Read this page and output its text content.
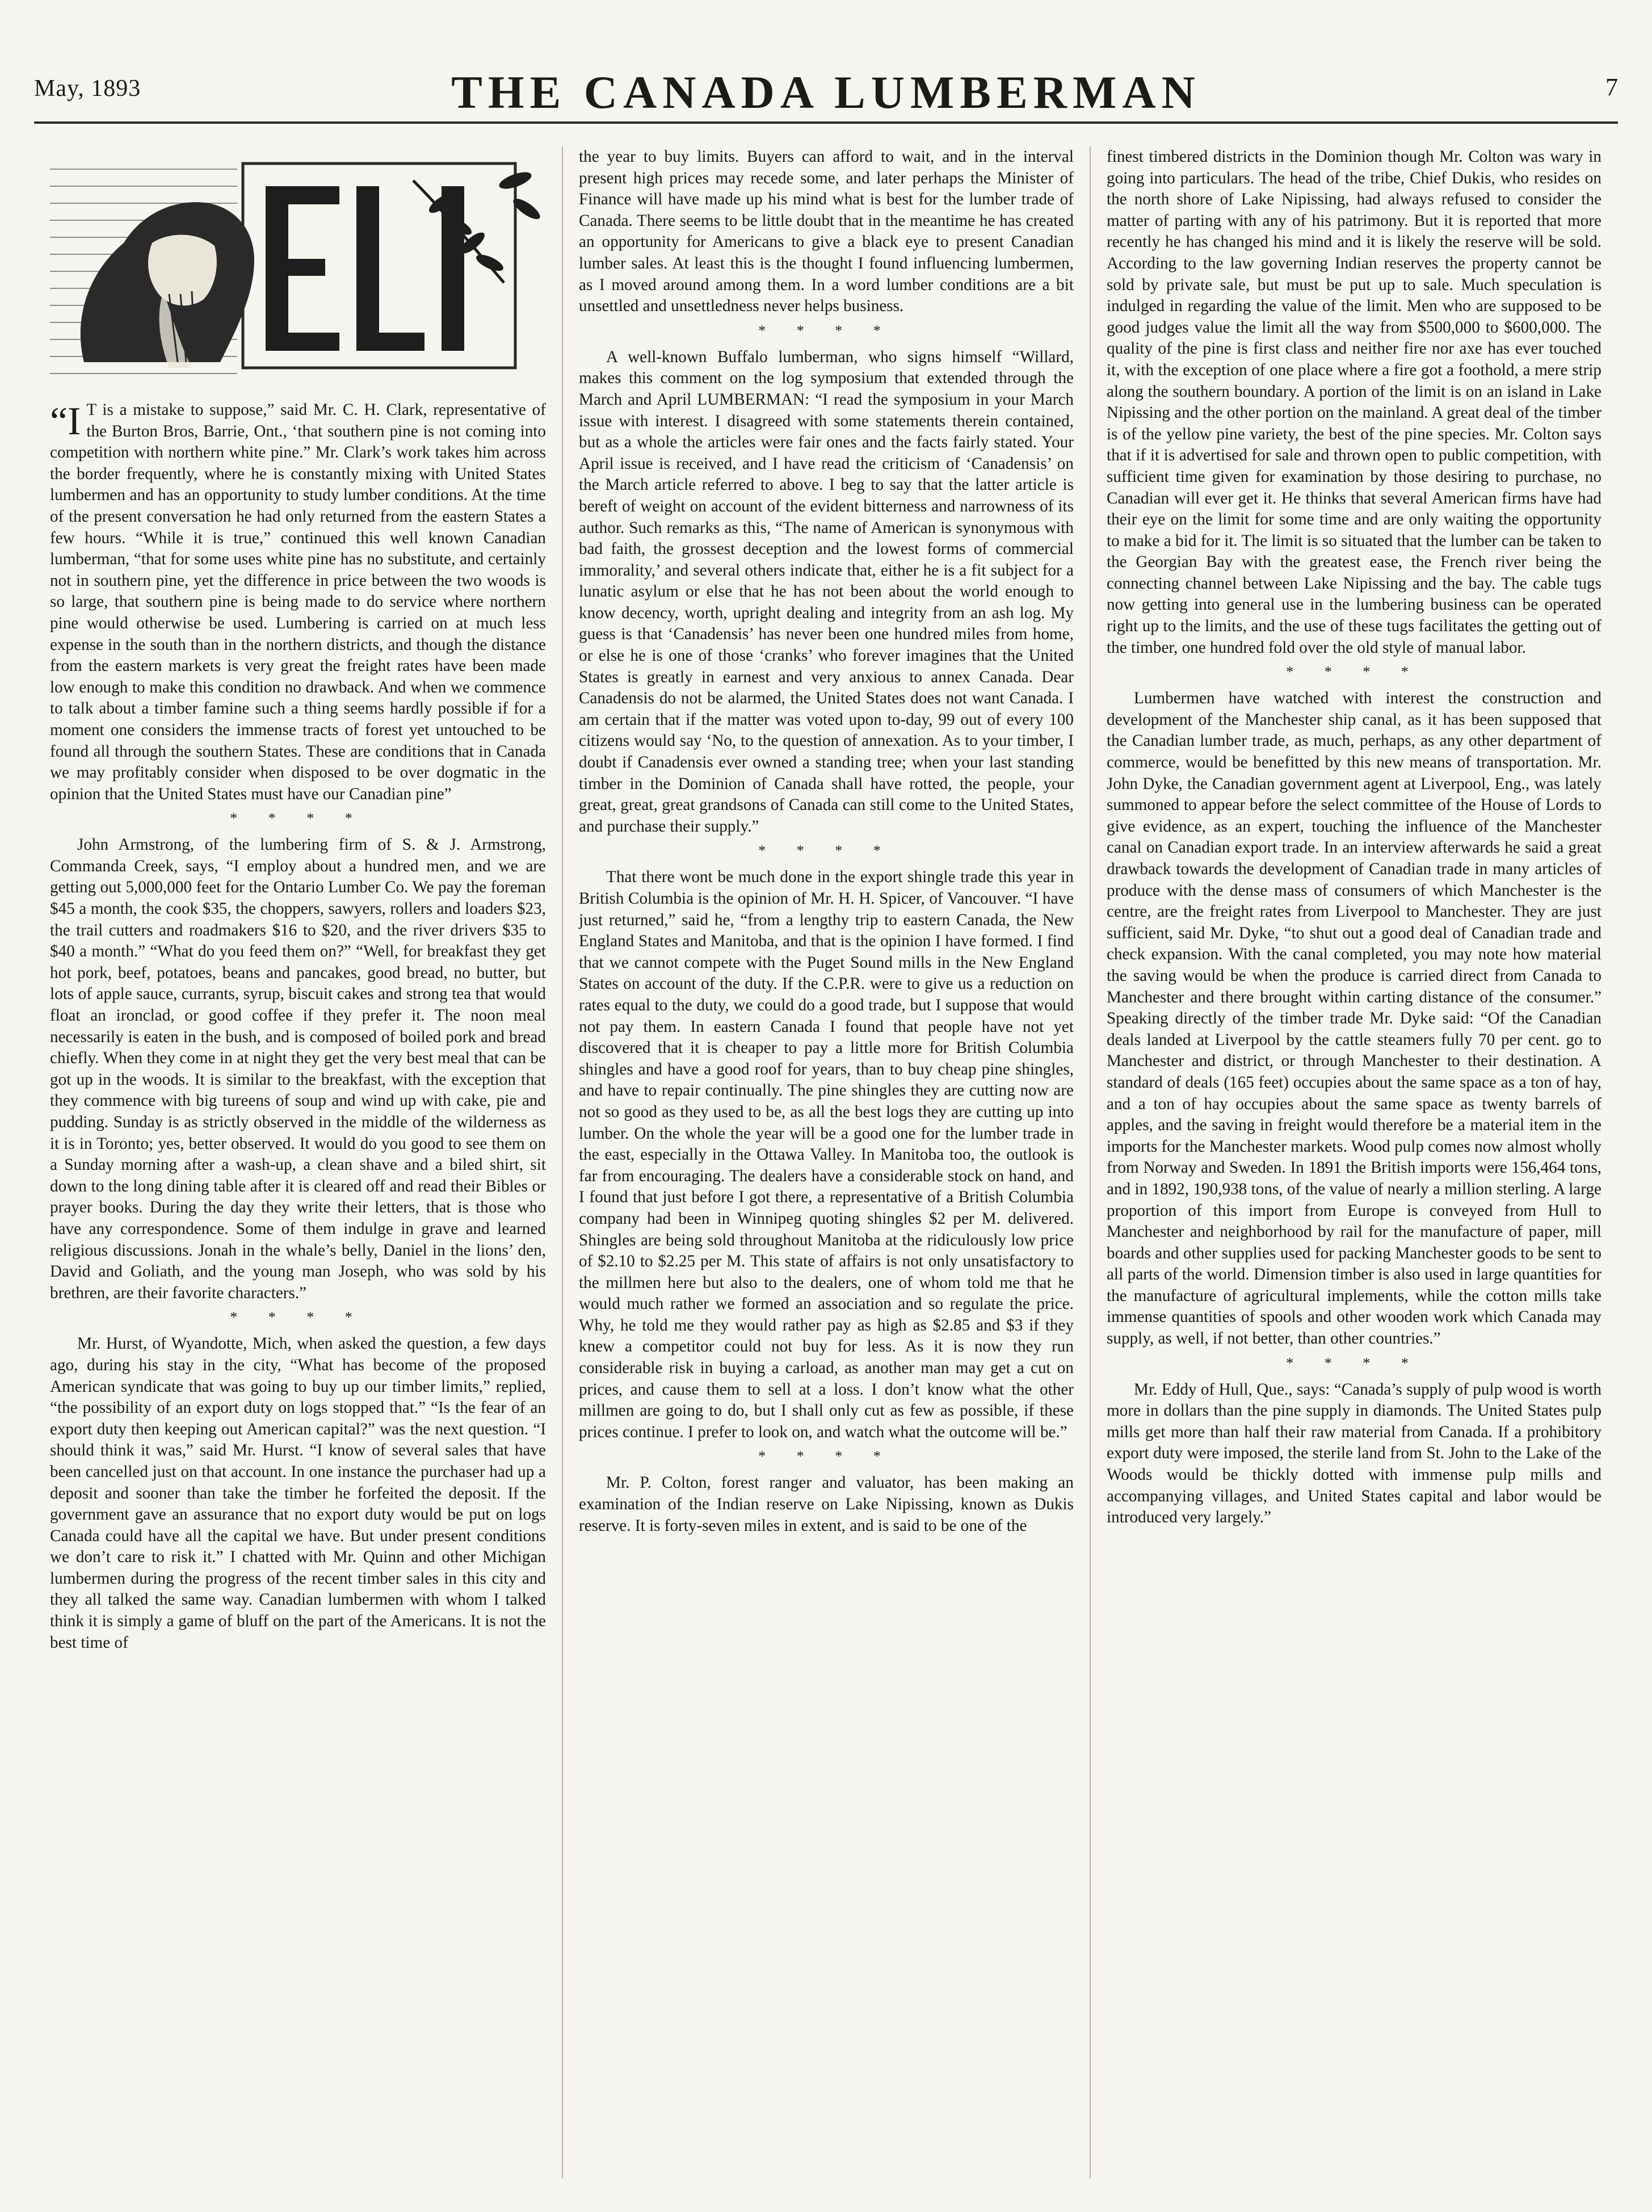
May, 1893	THE CANADA LUMBERMAN	7

“I T is a mistake to suppose,” said Mr. C. H. Clark, representative of the Burton Bros, Barrie, Ont., ‘that southern pine is not coming into competition with northern white pine.” Mr. Clark’s work takes him across the border frequently, where he is constantly mixing with United States lumbermen and has an opportunity to study lumber conditions. At the time of the present conversation he had only returned from the eastern States a few hours. “While it is true,” continued this well known Canadian lumberman, “that for some uses white pine has no substitute, and certainly not in southern pine, yet the difference in price between the two woods is so large, that southern pine is being made to do service where northern pine would otherwise be used. Lumbering is carried on at much less expense in the south than in the northern districts, and though the distance from the eastern markets is very great the freight rates have been made low enough to make this condition no drawback. And when we commence to talk about a timber famine such a thing seems hardly possible if for a moment one considers the immense tracts of forest yet untouched to be found all through the southern States. These are conditions that in Canada we may profitably consider when disposed to be over dogmatic in the opinion that the United States must have our Canadian pine”

* * * *

John Armstrong, of the lumbering firm of S. & J. Armstrong, Commanda Creek, says, “I employ about a hundred men, and we are getting out 5,000,000 feet for the Ontario Lumber Co. We pay the foreman $45 a month, the cook $35, the choppers, sawyers, rollers and loaders $23, the trail cutters and roadmakers $16 to $20, and the river drivers $35 to $40 a month.” “What do you feed them on?” “Well, for breakfast they get hot pork, beef, potatoes, beans and pancakes, good bread, no butter, but lots of apple sauce, currants, syrup, biscuit cakes and strong tea that would float an ironclad, or good coffee if they prefer it. The noon meal necessarily is eaten in the bush, and is composed of boiled pork and bread chiefly. When they come in at night they get the very best meal that can be got up in the woods. It is similar to the breakfast, with the exception that they commence with big tureens of soup and wind up with cake, pie and pudding. Sunday is as strictly observed in the middle of the wilderness as it is in Toronto; yes, better observed. It would do you good to see them on a Sunday morning after a wash-up, a clean shave and a biled shirt, sit down to the long dining table after it is cleared off and read their Bibles or prayer books. During the day they write their letters, that is those who have any correspondence. Some of them indulge in grave and learned religious discussions. Jonah in the whale’s belly, Daniel in the lions’ den, David and Goliath, and the young man Joseph, who was sold by his brethren, are their favorite characters.”

* * * *

Mr. Hurst, of Wyandotte, Mich, when asked the question, a few days ago, during his stay in the city, “What has become of the proposed American syndicate that was going to buy up our timber limits,” replied, “the possibility of an export duty on logs stopped that.” “Is the fear of an export duty then keeping out American capital?” was the next question. “I should think it was,” said Mr. Hurst. “I know of several sales that have been cancelled just on that account. In one instance the purchaser had up a deposit and sooner than take the timber he forfeited the deposit. If the government gave an assurance that no export duty would be put on logs Canada could have all the capital we have. But under present conditions we don’t care to risk it.” I chatted with Mr. Quinn and other Michigan lumbermen during the progress of the recent timber sales in this city and they all talked the same way. Canadian lumbermen with whom I talked think it is simply a game of bluff on the part of the Americans. It is not the best time of

the year to buy limits. Buyers can afford to wait, and in the interval present high prices may recede some, and later perhaps the Minister of Finance will have made up his mind what is best for the lumber trade of Canada. There seems to be little doubt that in the meantime he has created an opportunity for Americans to give a black eye to present Canadian lumber sales. At least this is the thought I found influencing lumbermen, as I moved around among them. In a word lumber conditions are a bit unsettled and unsettledness never helps business.

* * * *

A well-known Buffalo lumberman, who signs himself “Willard, makes this comment on the log symposium that extended through the March and April LUMBERMAN: “I read the symposium in your March issue with interest. I disagreed with some statements therein contained, but as a whole the articles were fair ones and the facts fairly stated. Your April issue is received, and I have read the criticism of ‘Canadensis’ on the March article referred to above. I beg to say that the latter article is bereft of weight on account of the evident bitterness and narrowness of its author. Such remarks as this, “The name of American is synonymous with bad faith, the grossest deception and the lowest forms of commercial immorality,’ and several others indicate that, either he is a fit subject for a lunatic asylum or else that he has not been about the world enough to know decency, worth, upright dealing and integrity from an ash log. My guess is that ‘Canadensis’ has never been one hundred miles from home, or else he is one of those ‘cranks’ who forever imagines that the United States is greatly in earnest and very anxious to annex Canada. Dear Canadensis do not be alarmed, the United States does not want Canada. I am certain that if the matter was voted upon to-day, 99 out of every 100 citizens would say ‘No, to the question of annexation. As to your timber, I doubt if Canadensis ever owned a standing tree; when your last standing timber in the Dominion of Canada shall have rotted, the people, your great, great, great grandsons of Canada can still come to the United States, and purchase their supply.”

* * * *

That there wont be much done in the export shingle trade this year in British Columbia is the opinion of Mr. H. H. Spicer, of Vancouver. “I have just returned,” said he, “from a lengthy trip to eastern Canada, the New England States and Manitoba, and that is the opinion I have formed. I find that we cannot compete with the Puget Sound mills in the New England States on account of the duty. If the C.P.R. were to give us a reduction on rates equal to the duty, we could do a good trade, but I suppose that would not pay them. In eastern Canada I found that people have not yet discovered that it is cheaper to pay a little more for British Columbia shingles and have a good roof for years, than to buy cheap pine shingles, and have to repair continually. The pine shingles they are cutting now are not so good as they used to be, as all the best logs they are cutting up into lumber. On the whole the year will be a good one for the lumber trade in the east, especially in the Ottawa Valley. In Manitoba too, the outlook is far from encouraging. The dealers have a considerable stock on hand, and I found that just before I got there, a representative of a British Columbia company had been in Winnipeg quoting shingles $2 per M. delivered. Shingles are being sold throughout Manitoba at the ridiculously low price of $2.10 to $2.25 per M. This state of affairs is not only unsatisfactory to the millmen here but also to the dealers, one of whom told me that he would much rather we formed an association and so regulate the price. Why, he told me they would rather pay as high as $2.85 and $3 if they knew a competitor could not buy for less. As it is now they run considerable risk in buying a carload, as another man may get a cut on prices, and cause them to sell at a loss. I don’t know what the other millmen are going to do, but I shall only cut as few as possible, if these prices continue. I prefer to look on, and watch what the outcome will be.”

* * * *

Mr. P. Colton, forest ranger and valuator, has been making an examination of the Indian reserve on Lake Nipissing, known as Dukis reserve. It is forty-seven miles in extent, and is said to be one of the

finest timbered districts in the Dominion though Mr. Colton was wary in going into particulars. The head of the tribe, Chief Dukis, who resides on the north shore of Lake Nipissing, had always refused to consider the matter of parting with any of his patrimony. But it is reported that more recently he has changed his mind and it is likely the reserve will be sold. According to the law governing Indian reserves the property cannot be sold by private sale, but must be put up to sale. Much speculation is indulged in regarding the value of the limit. Men who are supposed to be good judges value the limit all the way from $500,000 to $600,000. The quality of the pine is first class and neither fire nor axe has ever touched it, with the exception of one place where a fire got a foothold, a mere strip along the southern boundary. A portion of the limit is on an island in Lake Nipissing and the other portion on the mainland. A great deal of the timber is of the yellow pine variety, the best of the pine species. Mr. Colton says that if it is advertised for sale and thrown open to public competition, with sufficient time given for examination by those desiring to purchase, no Canadian will ever get it. He thinks that several American firms have had their eye on the limit for some time and are only waiting the opportunity to make a bid for it. The limit is so situated that the lumber can be taken to the Georgian Bay with the greatest ease, the French river being the connecting channel between Lake Nipissing and the bay. The cable tugs now getting into general use in the lumbering business can be operated right up to the limits, and the use of these tugs facilitates the getting out of the timber, one hundred fold over the old style of manual labor.

* * * *

Lumbermen have watched with interest the construction and development of the Manchester ship canal, as it has been supposed that the Canadian lumber trade, as much, perhaps, as any other department of commerce, would be benefitted by this new means of transportation. Mr. John Dyke, the Canadian government agent at Liverpool, Eng., was lately summoned to appear before the select committee of the House of Lords to give evidence, as an expert, touching the influence of the Manchester canal on Canadian export trade. In an interview afterwards he said a great drawback towards the development of Canadian trade in many articles of produce with the dense mass of consumers of which Manchester is the centre, are the freight rates from Liverpool to Manchester. They are just sufficient, said Mr. Dyke, “to shut out a good deal of Canadian trade and check expansion. With the canal completed, you may note how material the saving would be when the produce is carried direct from Canada to Manchester and there brought within carting distance of the consumer.” Speaking directly of the timber trade Mr. Dyke said: “Of the Canadian deals landed at Liverpool by the cattle steamers fully 70 per cent. go to Manchester and district, or through Manchester to their destination. A standard of deals (165 feet) occupies about the same space as a ton of hay, and a ton of hay occupies about the same space as twenty barrels of apples, and the saving in freight would therefore be a material item in the imports for the Manchester markets. Wood pulp comes now almost wholly from Norway and Sweden. In 1891 the British imports were 156,464 tons, and in 1892, 190,938 tons, of the value of nearly a million sterling. A large proportion of this import from Europe is conveyed from Hull to Manchester and neighborhood by rail for the manufacture of paper, mill boards and other supplies used for packing Manchester goods to be sent to all parts of the world. Dimension timber is also used in large quantities for the manufacture of agricultural implements, while the cotton mills take immense quantities of spools and other wooden work which Canada may supply, as well, if not better, than other countries.”

* * * *

Mr. Eddy of Hull, Que., says: “Canada’s supply of pulp wood is worth more in dollars than the pine supply in diamonds. The United States pulp mills get more than half their raw material from Canada. If a prohibitory export duty were imposed, the sterile land from St. John to the Lake of the Woods would be thickly dotted with immense pulp mills and accompanying villages, and United States capital and labor would be introduced very largely.”
